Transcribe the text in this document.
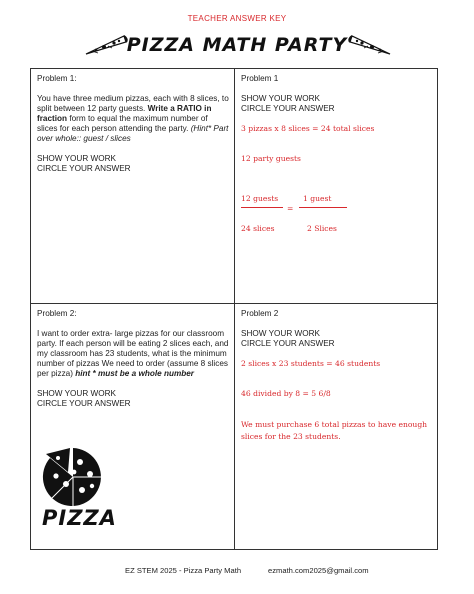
TEACHER ANSWER KEY
PIZZA MATH PARTY

Problem 1:

You have three medium pizzas, each with 8 slices, to split between 12 party guests. Write a RATIO in fraction form to equal the maximum number of slices for each person attending the party. (Hint* Part over whole:: guest / slices

SHOW YOUR WORK

CIRCLE YOUR ANSWER

Problem 1

SHOW YOUR WORK

CIRCLE YOUR ANSWER

3 pizzas x 8 slices = 24 total slices

12 party guests

12 guests
=
1 guest
24 slices	2 Slices

Problem 2:

I want to order extra- large pizzas for our classroom party. If each person will be eating 2 slices each, and my classroom has 23 students, what is the minimum number of pizzas We need to order (assume 8 slices per pizza) hint * must be a whole number

SHOW YOUR WORK

CIRCLE YOUR ANSWER

Problem 2

SHOW YOUR WORK

CIRCLE YOUR ANSWER

2 slices x 23 students = 46 students

46 divided by 8 = 5 6/8

We must purchase 6 total pizzas to have enough slices for the 23 students.

PIZZA
EZ STEM 2025 - Pizza Party Math	ezmath.com2025@gmail.com
